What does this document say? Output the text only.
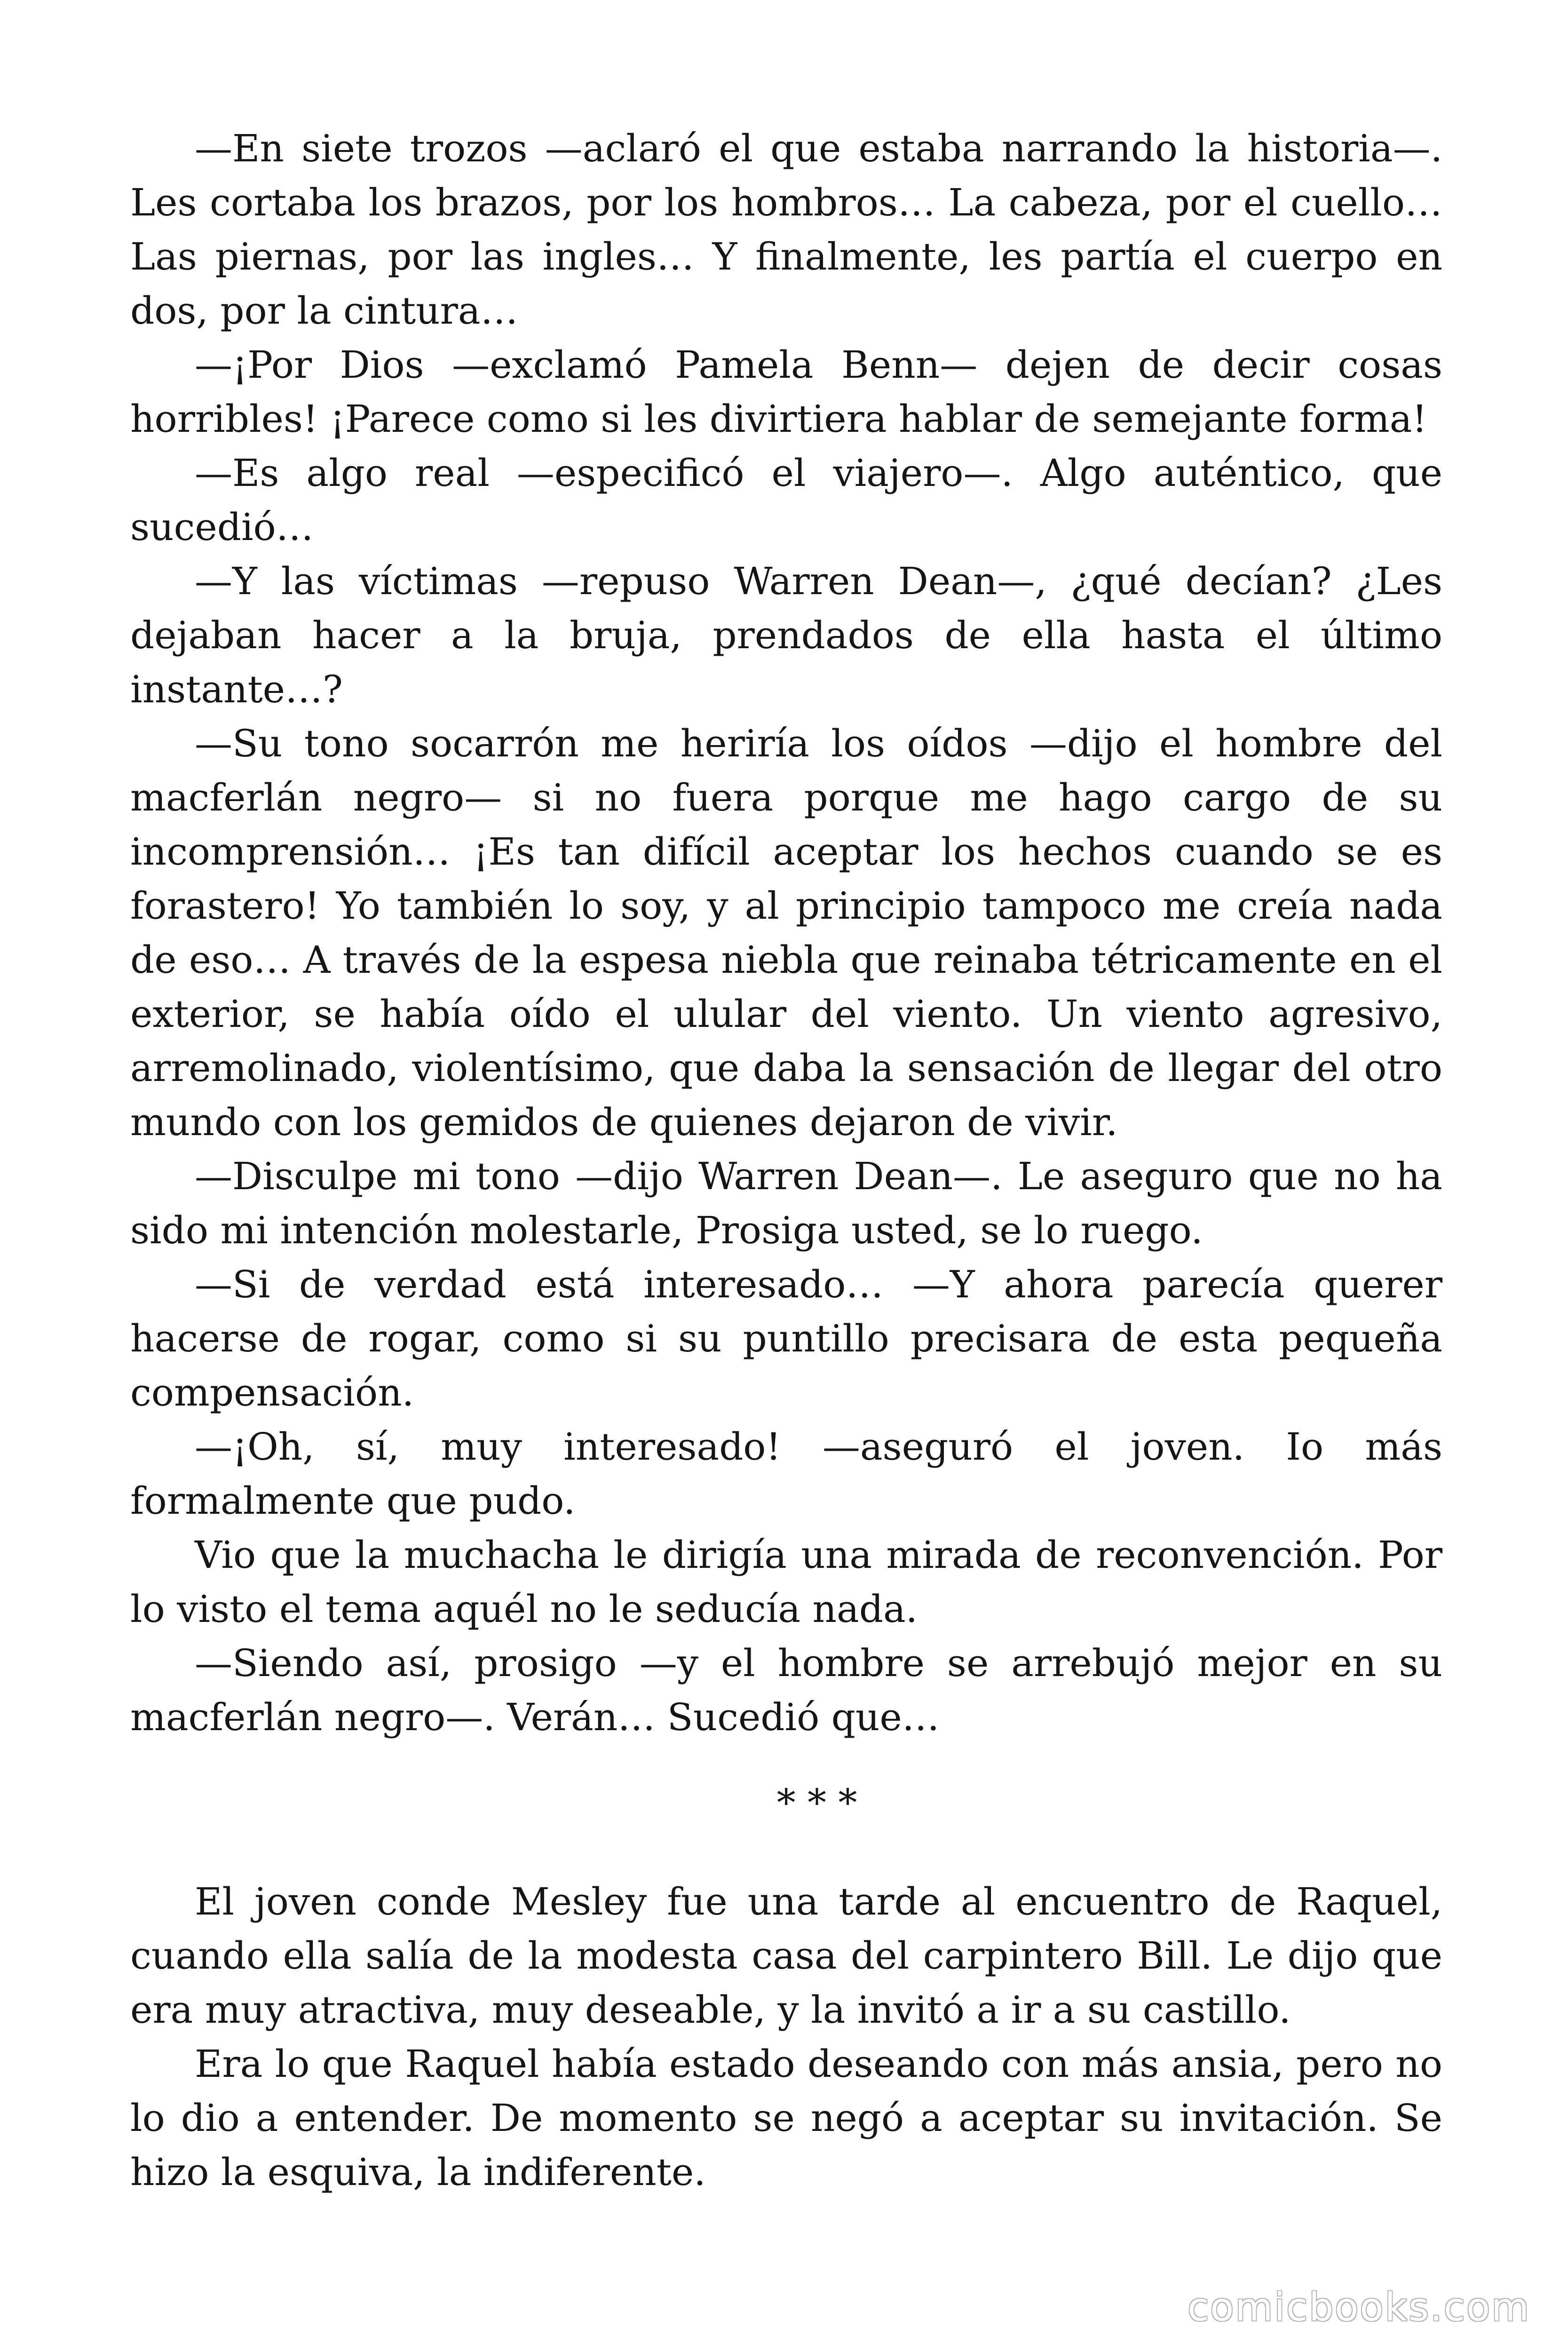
—En siete trozos —aclaró el que estaba narrando la historia—. Les cortaba los brazos, por los hombros… La cabeza, por el cuello… Las piernas, por las ingles… Y finalmente, les partía el cuerpo en dos, por la cintura…

—¡Por Dios —exclamó Pamela Benn— dejen de decir cosas horribles! ¡Parece como si les divirtiera hablar de semejante forma!

—Es algo real —especificó el viajero—. Algo auténtico, que sucedió…

—Y las víctimas —repuso Warren Dean—, ¿qué decían? ¿Les dejaban hacer a la bruja, prendados de ella hasta el último instante…?

—Su tono socarrón me heriría los oídos —dijo el hombre del macferlán negro— si no fuera porque me hago cargo de su incomprensión… ¡Es tan difícil aceptar los hechos cuando se es forastero! Yo también lo soy, y al principio tampoco me creía nada de eso… A través de la espesa niebla que reinaba tétricamente en el exterior, se había oído el ulular del viento. Un viento agresivo, arremolinado, violentísimo, que daba la sensación de llegar del otro mundo con los gemidos de quienes dejaron de vivir.

—Disculpe mi tono —dijo Warren Dean—. Le aseguro que no ha sido mi intención molestarle, Prosiga usted, se lo ruego.

—Si de verdad está interesado… —Y ahora parecía querer hacerse de rogar, como si su puntillo precisara de esta pequeña compensación.

—¡Oh, sí, muy interesado! —aseguró el joven. Io más formalmente que pudo.

Vio que la muchacha le dirigía una mirada de reconvención. Por lo visto el tema aquél no le seducía nada.

—Siendo así, prosigo —y el hombre se arrebujó mejor en su macferlán negro—. Verán… Sucedió que…

* * *

El joven conde Mesley fue una tarde al encuentro de Raquel, cuando ella salía de la modesta casa del carpintero Bill. Le dijo que era muy atractiva, muy deseable, y la invitó a ir a su castillo.

Era lo que Raquel había estado deseando con más ansia, pero no lo dio a entender. De momento se negó a aceptar su invitación. Se hizo la esquiva, la indiferente.

comicbooks.com
